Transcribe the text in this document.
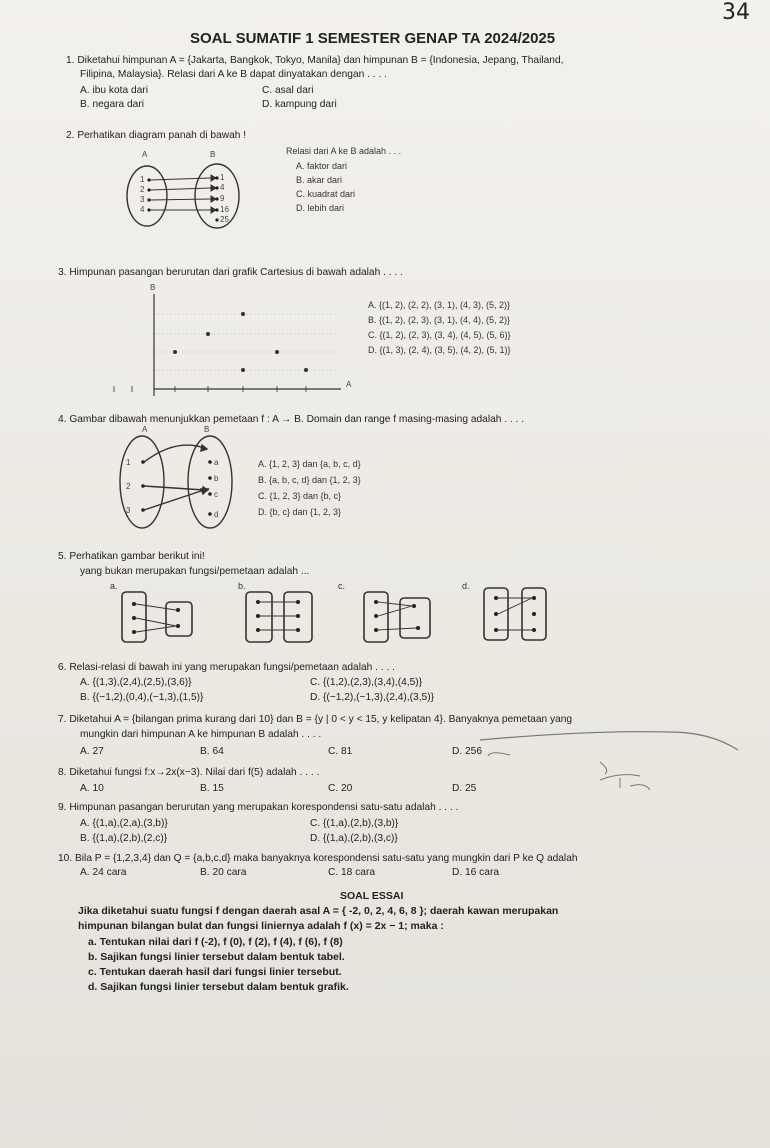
34
SOAL SUMATIF 1 SEMESTER GENAP TA 2024/2025
1. Diketahui himpunan A = {Jakarta, Bangkok, Tokyo, Manila} dan himpunan B = {Indonesia, Jepang, Thailand,
Filipina, Malaysia}. Relasi dari A ke B dapat dinyatakan dengan . . . .
A. ibu kota dari	C. asal dari
B. negara dari	D. kampung dari
2. Perhatikan diagram panah di bawah !
Relasi dari A ke B adalah . . .
A. faktor dari
B. akar dari
C. kuadrat dari
D. lebih dari
A	B
1
2
3
4
1
4
9
16
25
3. Himpunan pasangan berurutan dari grafik Cartesius di bawah adalah . . . .
B
A
A. {(1, 2), (2, 2), (3, 1), (4, 3), (5, 2)}
B. {(1, 2), (2, 3), (3, 1), (4, 4), (5, 2)}
C. {(1, 2), (2, 3), (3, 4), (4, 5), (5, 6)}
D. {(1, 3), (2, 4), (3, 5), (4, 2), (5, 1)}
4. Gambar dibawah menunjukkan pemetaan f : A → B. Domain dan range f masing-masing adalah . . . .
A	B
1
2
3
a
b
c
d
A. {1, 2, 3} dan {a, b, c, d}
B. {a, b, c, d} dan {1, 2, 3}
C. {1, 2, 3} dan {b, c}
D. {b, c} dan {1, 2, 3}
5. Perhatikan gambar berikut ini!
yang bukan merupakan fungsi/pemetaan adalah ...
a.	b.	c.	d.
6. Relasi-relasi di bawah ini yang merupakan fungsi/pemetaan adalah . . . .
A. {(1,3),(2,4),(2,5),(3,6)}	C. {(1,2),(2,3),(3,4),(4,5)}
B. {(−1,2),(0,4),(−1,3),(1,5)}	D. {(−1,2),(−1,3),(2,4),(3,5)}
7. Diketahui A = {bilangan prima kurang dari 10} dan B = {y | 0 < y < 15, y kelipatan 4}. Banyaknya pemetaan yang
mungkin dari himpunan A ke himpunan B adalah . . . .
A. 27	B. 64	C. 81	D. 256
8. Diketahui fungsi f:x→2x(x−3). Nilai dari f(5) adalah . . . .
A. 10	B. 15	C. 20	D. 25
9. Himpunan pasangan berurutan yang merupakan korespondensi satu-satu adalah . . . .
A. {(1,a),(2,a),(3,b)}	C. {(1,a),(2,b),(3,b)}
B. {(1,a),(2,b),(2,c)}	D. {(1,a),(2,b),(3,c)}
10. Bila P = {1,2,3,4} dan Q = {a,b,c,d} maka banyaknya korespondensi satu-satu yang mungkin dari P ke Q adalah
A. 24 cara	B. 20 cara	C. 18 cara	D. 16 cara
SOAL ESSAI
Jika diketahui suatu fungsi f dengan daerah asal A = { -2, 0, 2, 4, 6, 8 }; daerah kawan merupakan
himpunan bilangan bulat dan fungsi liniernya adalah f (x) = 2x − 1; maka :
a. Tentukan nilai dari f (-2), f (0), f (2), f (4), f (6), f (8)
b. Sajikan fungsi linier tersebut dalam bentuk tabel.
c. Tentukan daerah hasil dari fungsi linier tersebut.
d. Sajikan fungsi linier tersebut dalam bentuk grafik.
